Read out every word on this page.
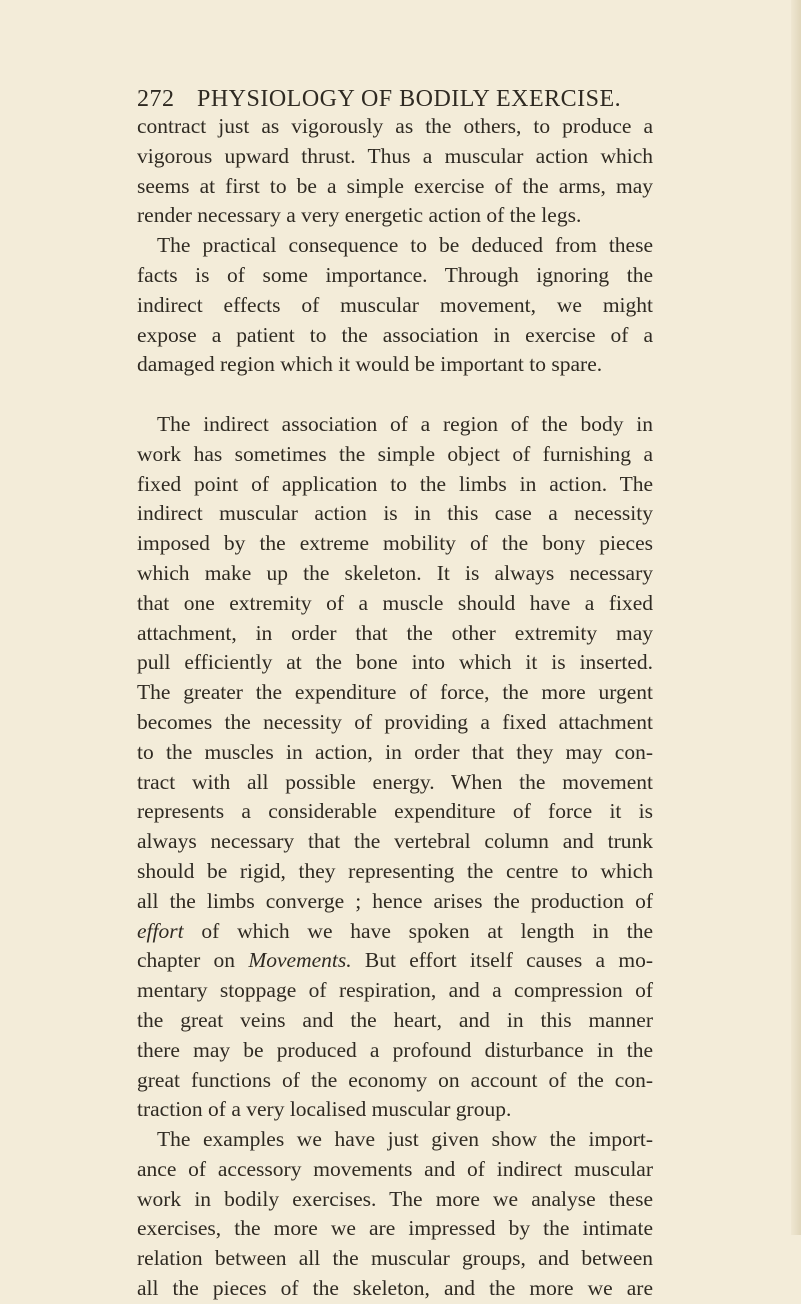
272 PHYSIOLOGY OF BODILY EXERCISE.
contract just as vigorously as the others, to produce a
vigorous upward thrust. Thus a muscular action which
seems at first to be a simple exercise of the arms, may
render necessary a very energetic action of the legs.
The practical consequence to be deduced from these
facts is of some importance. Through ignoring the
indirect effects of muscular movement, we might
expose a patient to the association in exercise of a
damaged region which it would be important to spare.
The indirect association of a region of the body in
work has sometimes the simple object of furnishing a
fixed point of application to the limbs in action. The
indirect muscular action is in this case a necessity
imposed by the extreme mobility of the bony pieces
which make up the skeleton. It is always necessary
that one extremity of a muscle should have a fixed
attachment, in order that the other extremity may
pull efficiently at the bone into which it is inserted.
The greater the expenditure of force, the more urgent
becomes the necessity of providing a fixed attachment
to the muscles in action, in order that they may con-
tract with all possible energy. When the movement
represents a considerable expenditure of force it is
always necessary that the vertebral column and trunk
should be rigid, they representing the centre to which
all the limbs converge ; hence arises the production of
effort of which we have spoken at length in the
chapter on Movements. But effort itself causes a mo-
mentary stoppage of respiration, and a compression of
the great veins and the heart, and in this manner
there may be produced a profound disturbance in the
great functions of the economy on account of the con-
traction of a very localised muscular group.
The examples we have just given show the import-
ance of accessory movements and of indirect muscular
work in bodily exercises. The more we analyse these
exercises, the more we are impressed by the intimate
relation between all the muscular groups, and between
all the pieces of the skeleton, and the more we are
